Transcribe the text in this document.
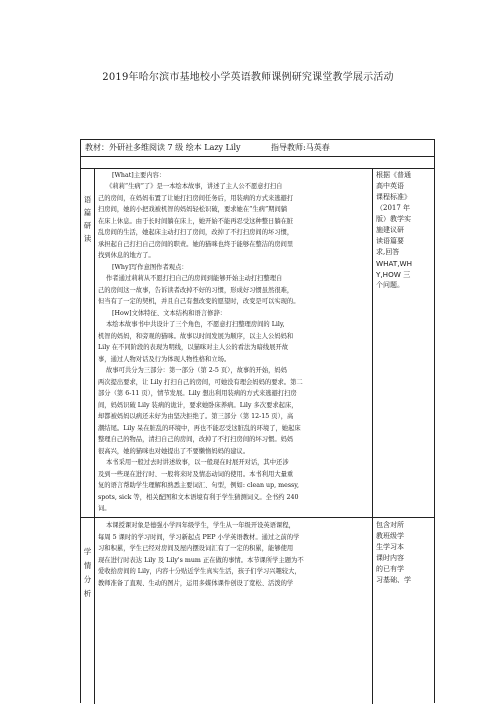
2019年哈尔滨市基地校小学英语教师课例研究课堂教学展示活动
教材：外研社多维阅读 7 级 绘本 Lazy Lily	指导教师:马英春
语
篇
研
读
[What]主要内容：
《莉莉“生病”了》是一本绘本故事，讲述了主人公不愿意打扫自
己的房间，在妈妈布置了让她打扫房间任务后，用装病的方式来逃避打
扫房间，她的小把戏被机智的妈妈轻松识破，要求她在“生病”期间躺
在床上休息。由于长时间躺在床上，她开始不能再忍受这种整日躺在脏
乱房间的生活，她起床主动打扫了房间，改掉了不打扫房间的坏习惯，
承担起自己打扫自己房间的职责。她的猫咪也终于能够在整洁的房间里
找到休息的地方了。
[Why]写作意图作者观点：
作者通过莉莉从不愿打扫自己的房间到能够开始主动打扫整理自
己的房间这一故事，告诉读者改掉不好的习惯，形成好习惯虽然很难，
但当有了一定的契机，并且自己有想改变的愿望时，改变是可以实现的。
[How]文体特征、文本结构和语言修辞：
本绘本故事书中共设计了三个角色，不愿意打扫整理房间的 Lily,
机智的妈妈，和旁观的猫咪。故事以时间发展为顺序，以主人公妈妈和
Lily 在不同阶段的表现为明线，以猫咪对主人公的看法为暗线展开故
事，通过人物对话及行为体现人物性格和立场。
故事可共分为三部分：第一部分（第 2-5 页），故事的开始，妈妈
两次提出要求，让 Lily 打扫自己的房间，可她没有理会妈妈的要求。第二
部分（第 6-11 页），情节发展。Lily 想出利用装病的方式来逃避打扫房
间，妈妈识破 Lily 装病的诡计，要求她卧床养病。Lily 多次要求起床，
却都被妈妈以病还未好为由坚决拒绝了。第三部分（第 12-15 页），高
潮结尾。Lily 呆在脏乱的环境中，再也不能忍受这脏乱的环境了，她起床
整理自己的物品，清扫自己的房间，改掉了不打扫房间的坏习惯。妈妈
很高兴，她的猫咪也对她提出了不要懒惰妈妈的建议。
本书采用一般过去时讲述故事，以一般现在时展开对话，其中还涉
及到一些现在进行时、一般将来时及情态动词的使用。本书利用大量重
复的语言帮助学生理解和熟悉主要词汇、句型，例如: clean up, messy,
spots, sick 等，相关配图和文本语境有利于学生猜测词义。全书约 240
词。
根据《普通
高中英语
课程标准》
（2017 年
版）教学实
施建议研
读语篇要
求,回答
WHAT,WH
Y,HOW 三
个问题。
学
情
分
析
本课授课对象是德强小学四年级学生，学生从一年级开设英语课程，
每周 5 课时的学习时间，学习新起点 PEP 小学英语教材。通过之前的学
习和积累，学生已经对房间及屋内摆设词汇有了一定的积累，能够使用
现在进行时表达 Lily 及 Lily's mum 正在做的事情。本节课所学主题为不
爱收拾房间的 Lily，内容十分贴近学生真实生活，孩子们学习兴趣较大，
教师准备了直观、生动的图片，运用多媒体课件创设了宽松、活泼的学
包含对所
教班级学
生学习本
课时内容
的已有学
习基础、学
